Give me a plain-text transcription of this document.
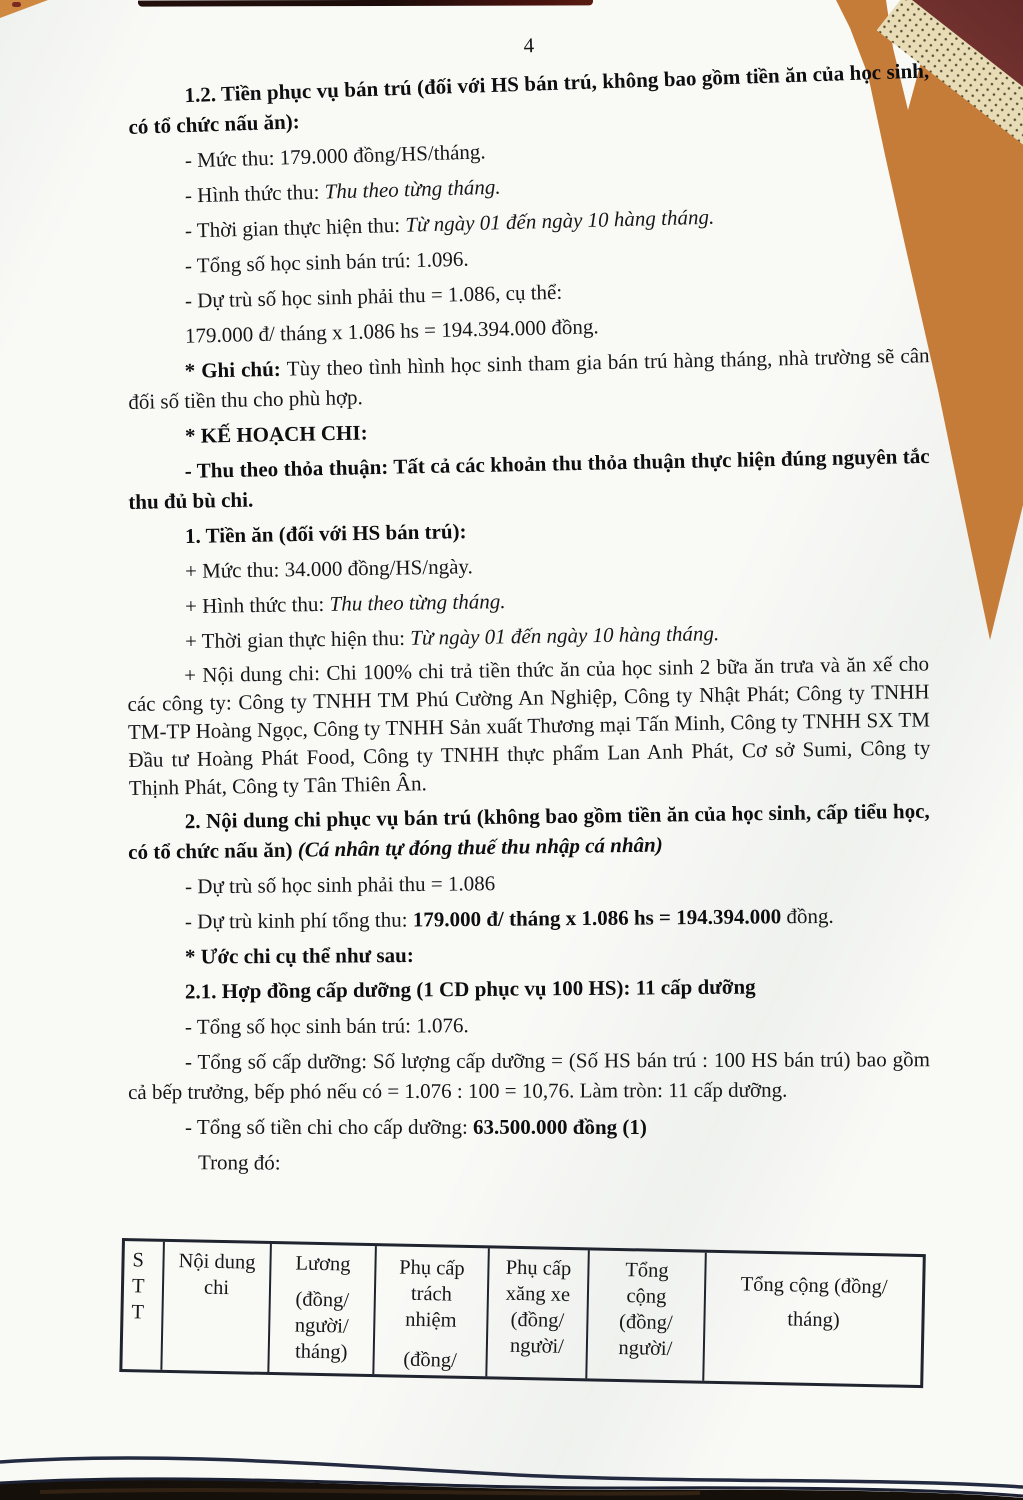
4

1.2. Tiền phục vụ bán trú (đối với HS bán trú, không bao gồm tiền ăn của học sinh, có tổ chức nấu ăn):

- Mức thu: 179.000 đồng/HS/tháng.

- Hình thức thu: Thu theo từng tháng.

- Thời gian thực hiện thu: Từ ngày 01 đến ngày 10 hàng tháng.

- Tổng số học sinh bán trú: 1.096.

- Dự trù số học sinh phải thu = 1.086, cụ thể:

179.000 đ/ tháng x 1.086 hs = 194.394.000 đồng.

* Ghi chú: Tùy theo tình hình học sinh tham gia bán trú hàng tháng, nhà trường sẽ cân đối số tiền thu cho phù hợp.

* KẾ HOẠCH CHI:

- Thu theo thỏa thuận: Tất cả các khoản thu thỏa thuận thực hiện đúng nguyên tắc thu đủ bù chi.

1. Tiền ăn (đối với HS bán trú):

+ Mức thu: 34.000 đồng/HS/ngày.

+ Hình thức thu: Thu theo từng tháng.

+ Thời gian thực hiện thu: Từ ngày 01 đến ngày 10 hàng tháng.

+ Nội dung chi: Chi 100% chi trả tiền thức ăn của học sinh 2 bữa ăn trưa và ăn xế cho các công ty: Công ty TNHH TM Phú Cường An Nghiệp, Công ty Nhật Phát; Công ty TNHH TM-TP Hoàng Ngọc, Công ty TNHH Sản xuất Thương mại Tấn Minh, Công ty TNHH SX TM Đầu tư Hoàng Phát Food, Công ty TNHH thực phẩm Lan Anh Phát, Cơ sở Sumi, Công ty Thịnh Phát, Công ty Tân Thiên Ân.

2. Nội dung chi phục vụ bán trú (không bao gồm tiền ăn của học sinh, cấp tiểu học, có tổ chức nấu ăn) (Cá nhân tự đóng thuế thu nhập cá nhân)

- Dự trù số học sinh phải thu = 1.086

- Dự trù kinh phí tổng thu: 179.000 đ/ tháng x 1.086 hs = 194.394.000 đồng.

* Ước chi cụ thể như sau:

2.1. Hợp đồng cấp dưỡng (1 CD phục vụ 100 HS): 11 cấp dưỡng

- Tổng số học sinh bán trú: 1.076.

- Tổng số cấp dưỡng: Số lượng cấp dưỡng = (Số HS bán trú : 100 HS bán trú) bao gồm cả bếp trưởng, bếp phó nếu có = 1.076 : 100 = 10,76. Làm tròn: 11 cấp dưỡng.

- Tổng số tiền chi cho cấp dưỡng: 63.500.000 đồng (1)

Trong đó:

STT
Nội dung chi
Lương
(đồng/ người/ tháng)
Phụ cấp trách nhiệm
(đồng/
Phụ cấp xăng xe (đồng/ người/
Tổng cộng (đồng/ người/
Tổng cộng (đồng/ tháng)
